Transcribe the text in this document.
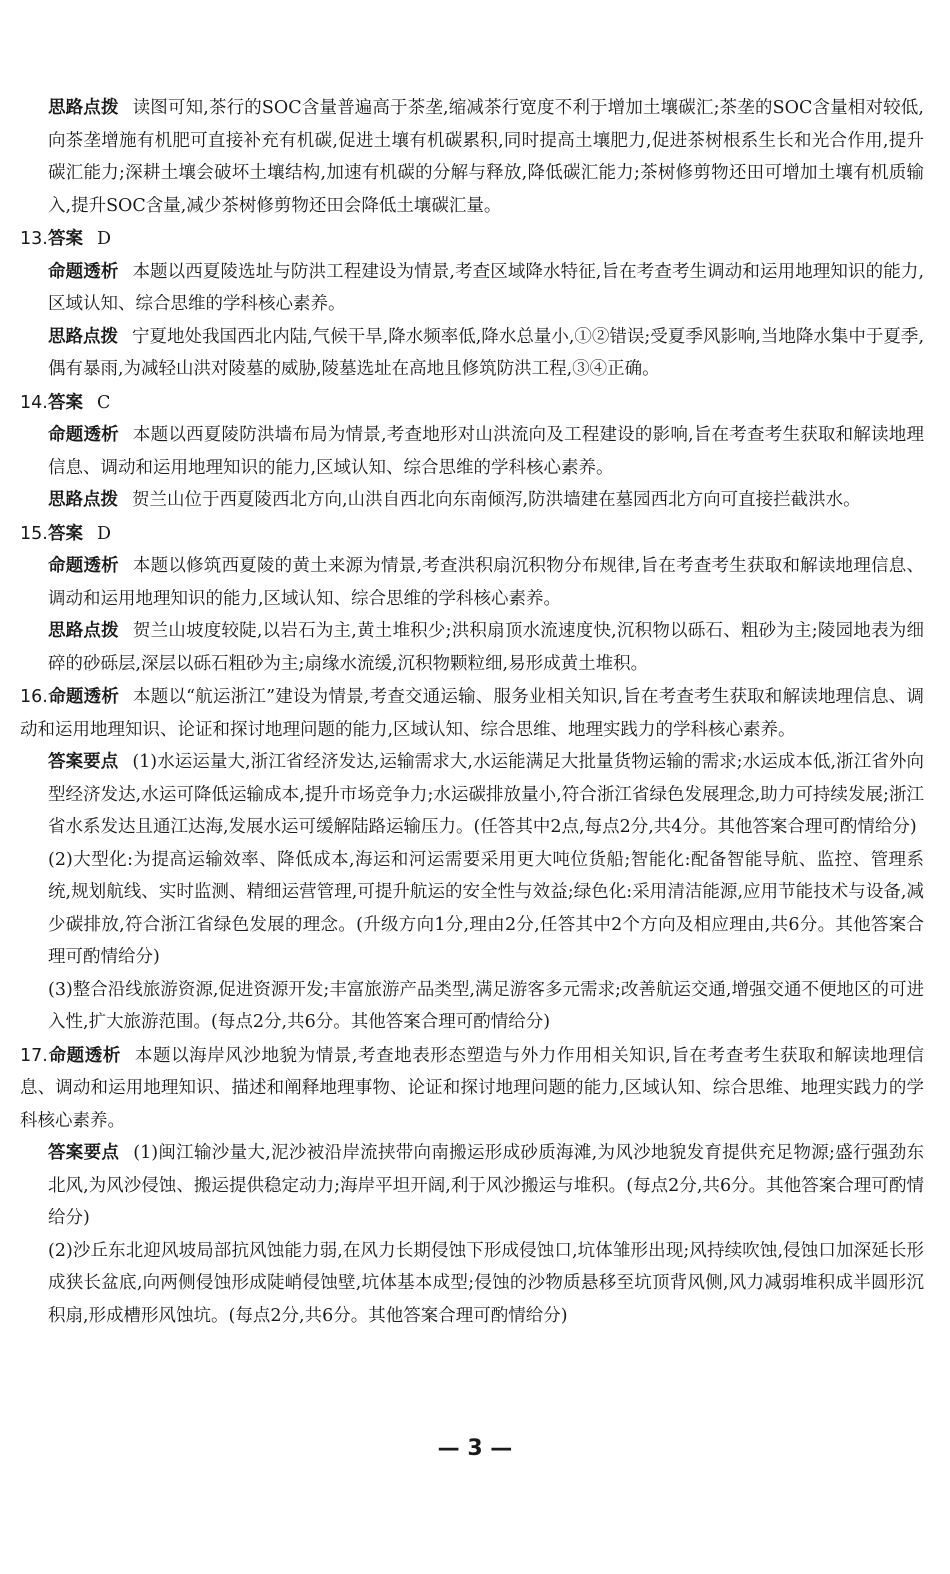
思路点拨 读图可知,茶行的SOC含量普遍高于茶垄,缩减茶行宽度不利于增加土壤碳汇;茶垄的SOC含量相对较低,向茶垄增施有机肥可直接补充有机碳,促进土壤有机碳累积,同时提高土壤肥力,促进茶树根系生长和光合作用,提升碳汇能力;深耕土壤会破坏土壤结构,加速有机碳的分解与释放,降低碳汇能力;茶树修剪物还田可增加土壤有机质输入,提升SOC含量,减少茶树修剪物还田会降低土壤碳汇量。

13.答案 D

命题透析 本题以西夏陵选址与防洪工程建设为情景,考查区域降水特征,旨在考查考生调动和运用地理知识的能力,区域认知、综合思维的学科核心素养。

思路点拨 宁夏地处我国西北内陆,气候干旱,降水频率低,降水总量小,①②错误;受夏季风影响,当地降水集中于夏季,偶有暴雨,为减轻山洪对陵墓的威胁,陵墓选址在高地且修筑防洪工程,③④正确。

14.答案 C

命题透析 本题以西夏陵防洪墙布局为情景,考查地形对山洪流向及工程建设的影响,旨在考查考生获取和解读地理信息、调动和运用地理知识的能力,区域认知、综合思维的学科核心素养。

思路点拨 贺兰山位于西夏陵西北方向,山洪自西北向东南倾泻,防洪墙建在墓园西北方向可直接拦截洪水。

15.答案 D

命题透析 本题以修筑西夏陵的黄土来源为情景,考查洪积扇沉积物分布规律,旨在考查考生获取和解读地理信息、调动和运用地理知识的能力,区域认知、综合思维的学科核心素养。

思路点拨 贺兰山坡度较陡,以岩石为主,黄土堆积少;洪积扇顶水流速度快,沉积物以砾石、粗砂为主;陵园地表为细碎的砂砾层,深层以砾石粗砂为主;扇缘水流缓,沉积物颗粒细,易形成黄土堆积。

16.命题透析 本题以“航运浙江”建设为情景,考查交通运输、服务业相关知识,旨在考查考生获取和解读地理信息、调动和运用地理知识、论证和探讨地理问题的能力,区域认知、综合思维、地理实践力的学科核心素养。

答案要点 (1)水运运量大,浙江省经济发达,运输需求大,水运能满足大批量货物运输的需求;水运成本低,浙江省外向型经济发达,水运可降低运输成本,提升市场竞争力;水运碳排放量小,符合浙江省绿色发展理念,助力可持续发展;浙江省水系发达且通江达海,发展水运可缓解陆路运输压力。(任答其中2点,每点2分,共4分。其他答案合理可酌情给分)

(2)大型化:为提高运输效率、降低成本,海运和河运需要采用更大吨位货船;智能化:配备智能导航、监控、管理系统,规划航线、实时监测、精细运营管理,可提升航运的安全性与效益;绿色化:采用清洁能源,应用节能技术与设备,减少碳排放,符合浙江省绿色发展的理念。(升级方向1分,理由2分,任答其中2个方向及相应理由,共6分。其他答案合理可酌情给分)

(3)整合沿线旅游资源,促进资源开发;丰富旅游产品类型,满足游客多元需求;改善航运交通,增强交通不便地区的可进入性,扩大旅游范围。(每点2分,共6分。其他答案合理可酌情给分)

17.命题透析 本题以海岸风沙地貌为情景,考查地表形态塑造与外力作用相关知识,旨在考查考生获取和解读地理信息、调动和运用地理知识、描述和阐释地理事物、论证和探讨地理问题的能力,区域认知、综合思维、地理实践力的学科核心素养。

答案要点 (1)闽江输沙量大,泥沙被沿岸流挟带向南搬运形成砂质海滩,为风沙地貌发育提供充足物源;盛行强劲东北风,为风沙侵蚀、搬运提供稳定动力;海岸平坦开阔,利于风沙搬运与堆积。(每点2分,共6分。其他答案合理可酌情给分)

(2)沙丘东北迎风坡局部抗风蚀能力弱,在风力长期侵蚀下形成侵蚀口,坑体雏形出现;风持续吹蚀,侵蚀口加深延长形成狭长盆底,向两侧侵蚀形成陡峭侵蚀壁,坑体基本成型;侵蚀的沙物质悬移至坑顶背风侧,风力减弱堆积成半圆形沉积扇,形成槽形风蚀坑。(每点2分,共6分。其他答案合理可酌情给分)

— 3 —
